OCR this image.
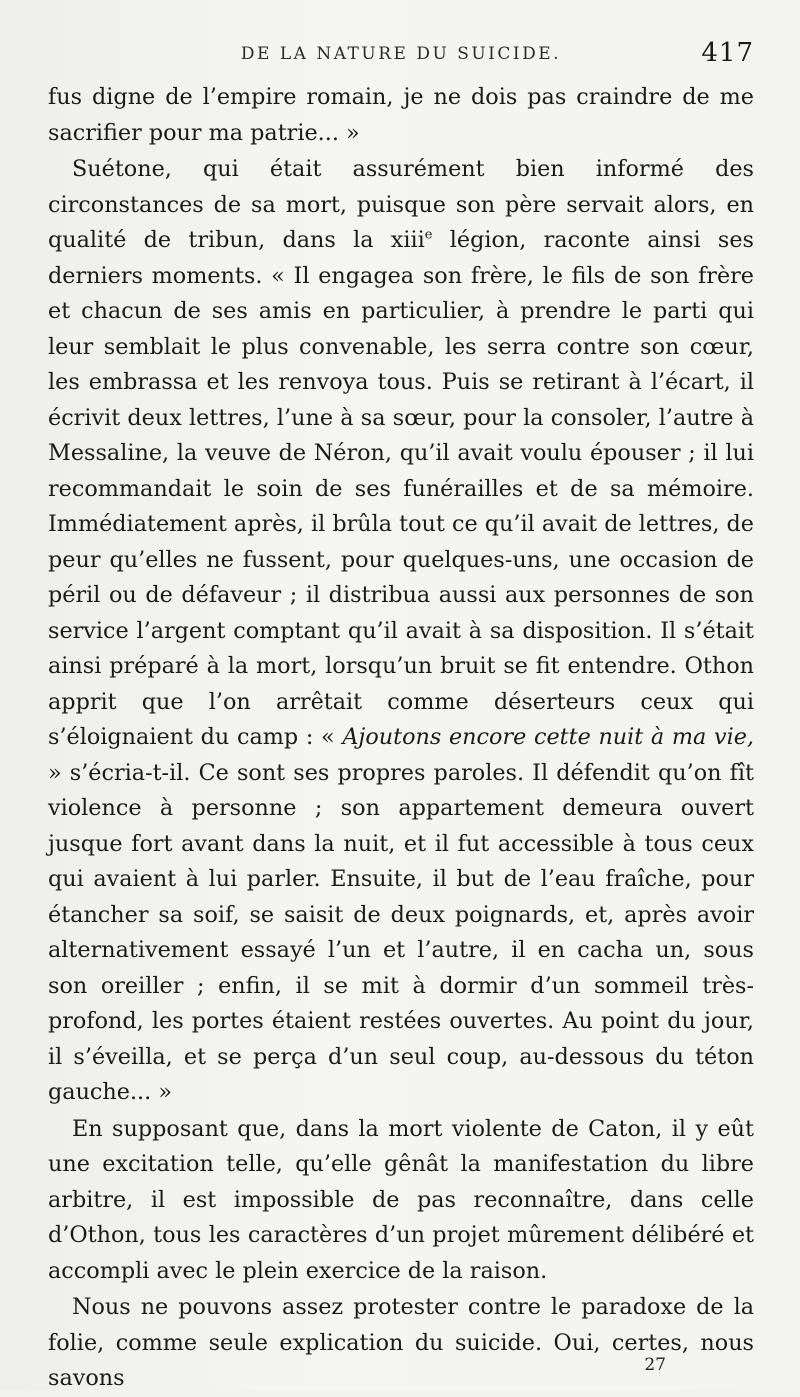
DE LA NATURE DU SUICIDE.	417

fus digne de l’empire romain, je ne dois pas craindre de me sacrifier pour ma patrie... »

Suétone, qui était assurément bien informé des circonstances de sa mort, puisque son père servait alors, en qualité de tribun, dans la xiii$^e$ légion, raconte ainsi ses derniers moments. « Il engagea son frère, le fils de son frère et chacun de ses amis en particulier, à prendre le parti qui leur semblait le plus convenable, les serra contre son cœur, les embrassa et les renvoya tous. Puis se retirant à l’écart, il écrivit deux lettres, l’une à sa sœur, pour la consoler, l’autre à Messaline, la veuve de Néron, qu’il avait voulu épouser ; il lui recommandait le soin de ses funérailles et de sa mémoire. Immédiatement après, il brûla tout ce qu’il avait de lettres, de peur qu’elles ne fussent, pour quelques-uns, une occasion de péril ou de défaveur ; il distribua aussi aux personnes de son service l’argent comptant qu’il avait à sa disposition. Il s’était ainsi préparé à la mort, lorsqu’un bruit se fit entendre. Othon apprit que l’on arrêtait comme déserteurs ceux qui s’éloignaient du camp : « Ajoutons encore cette nuit à ma vie, » s’écria-t-il. Ce sont ses propres paroles. Il défendit qu’on fît violence à personne ; son appartement demeura ouvert jusque fort avant dans la nuit, et il fut accessible à tous ceux qui avaient à lui parler. Ensuite, il but de l’eau fraîche, pour étancher sa soif, se saisit de deux poignards, et, après avoir alternativement essayé l’un et l’autre, il en cacha un, sous son oreiller ; enfin, il se mit à dormir d’un sommeil très-profond, les portes étaient restées ouvertes. Au point du jour, il s’éveilla, et se perça d’un seul coup, au-dessous du téton gauche... »

En supposant que, dans la mort violente de Caton, il y eût une excitation telle, qu’elle gênât la manifestation du libre arbitre, il est impossible de pas reconnaître, dans celle d’Othon, tous les caractères d’un projet mûrement délibéré et accompli avec le plein exercice de la raison.

Nous ne pouvons assez protester contre le paradoxe de la folie, comme seule explication du suicide. Oui, certes, nous savons	27
